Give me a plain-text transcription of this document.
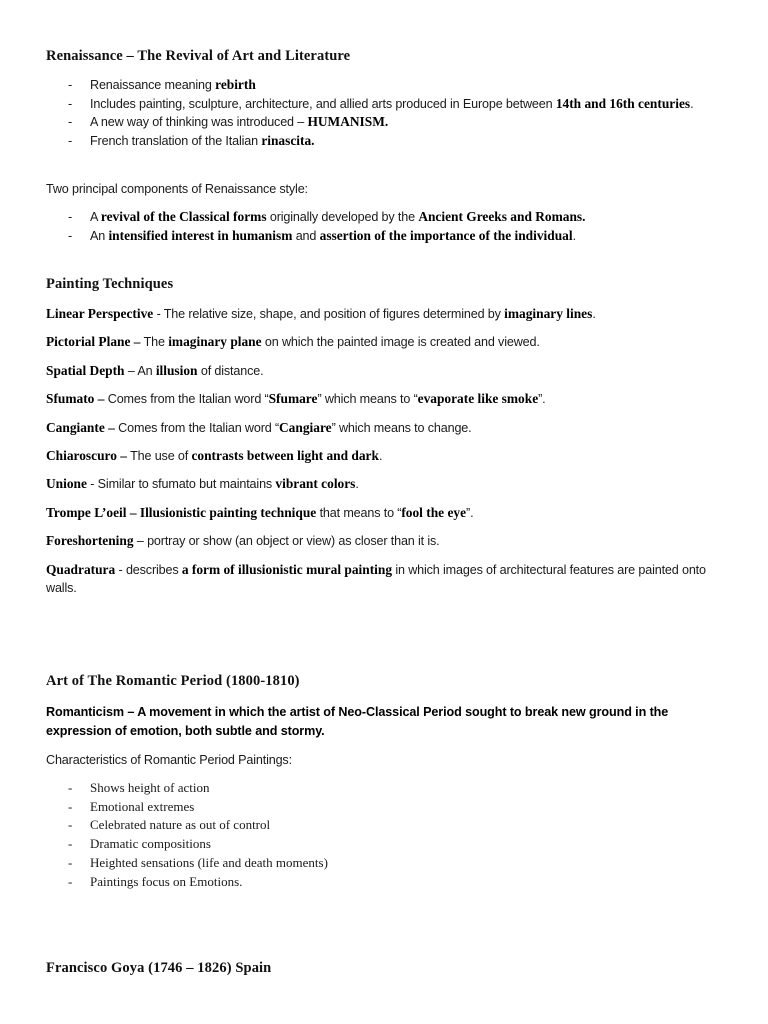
Renaissance – The Revival of Art and Literature
- Renaissance meaning rebirth
- Includes painting, sculpture, architecture, and allied arts produced in Europe between 14th and 16th centuries.
- A new way of thinking was introduced – HUMANISM.
- French translation of the Italian rinascita.
Two principal components of Renaissance style:
- A revival of the Classical forms originally developed by the Ancient Greeks and Romans.
- An intensified interest in humanism and assertion of the importance of the individual.
Painting Techniques
Linear Perspective - The relative size, shape, and position of figures determined by imaginary lines.
Pictorial Plane – The imaginary plane on which the painted image is created and viewed.
Spatial Depth – An illusion of distance.
Sfumato – Comes from the Italian word “Sfumare” which means to “evaporate like smoke”.
Cangiante – Comes from the Italian word “Cangiare” which means to change.
Chiaroscuro – The use of contrasts between light and dark.
Unione - Similar to sfumato but maintains vibrant colors.
Trompe L’oeil – Illusionistic painting technique that means to “fool the eye”.
Foreshortening – portray or show (an object or view) as closer than it is.
Quadratura - describes a form of illusionistic mural painting in which images of architectural features are painted onto walls.
Art of The Romantic Period (1800-1810)
Romanticism – A movement in which the artist of Neo-Classical Period sought to break new ground in the expression of emotion, both subtle and stormy.
Characteristics of Romantic Period Paintings:
- Shows height of action
- Emotional extremes
- Celebrated nature as out of control
- Dramatic compositions
- Heighted sensations (life and death moments)
- Paintings focus on Emotions.
Francisco Goya (1746 – 1826) Spain
